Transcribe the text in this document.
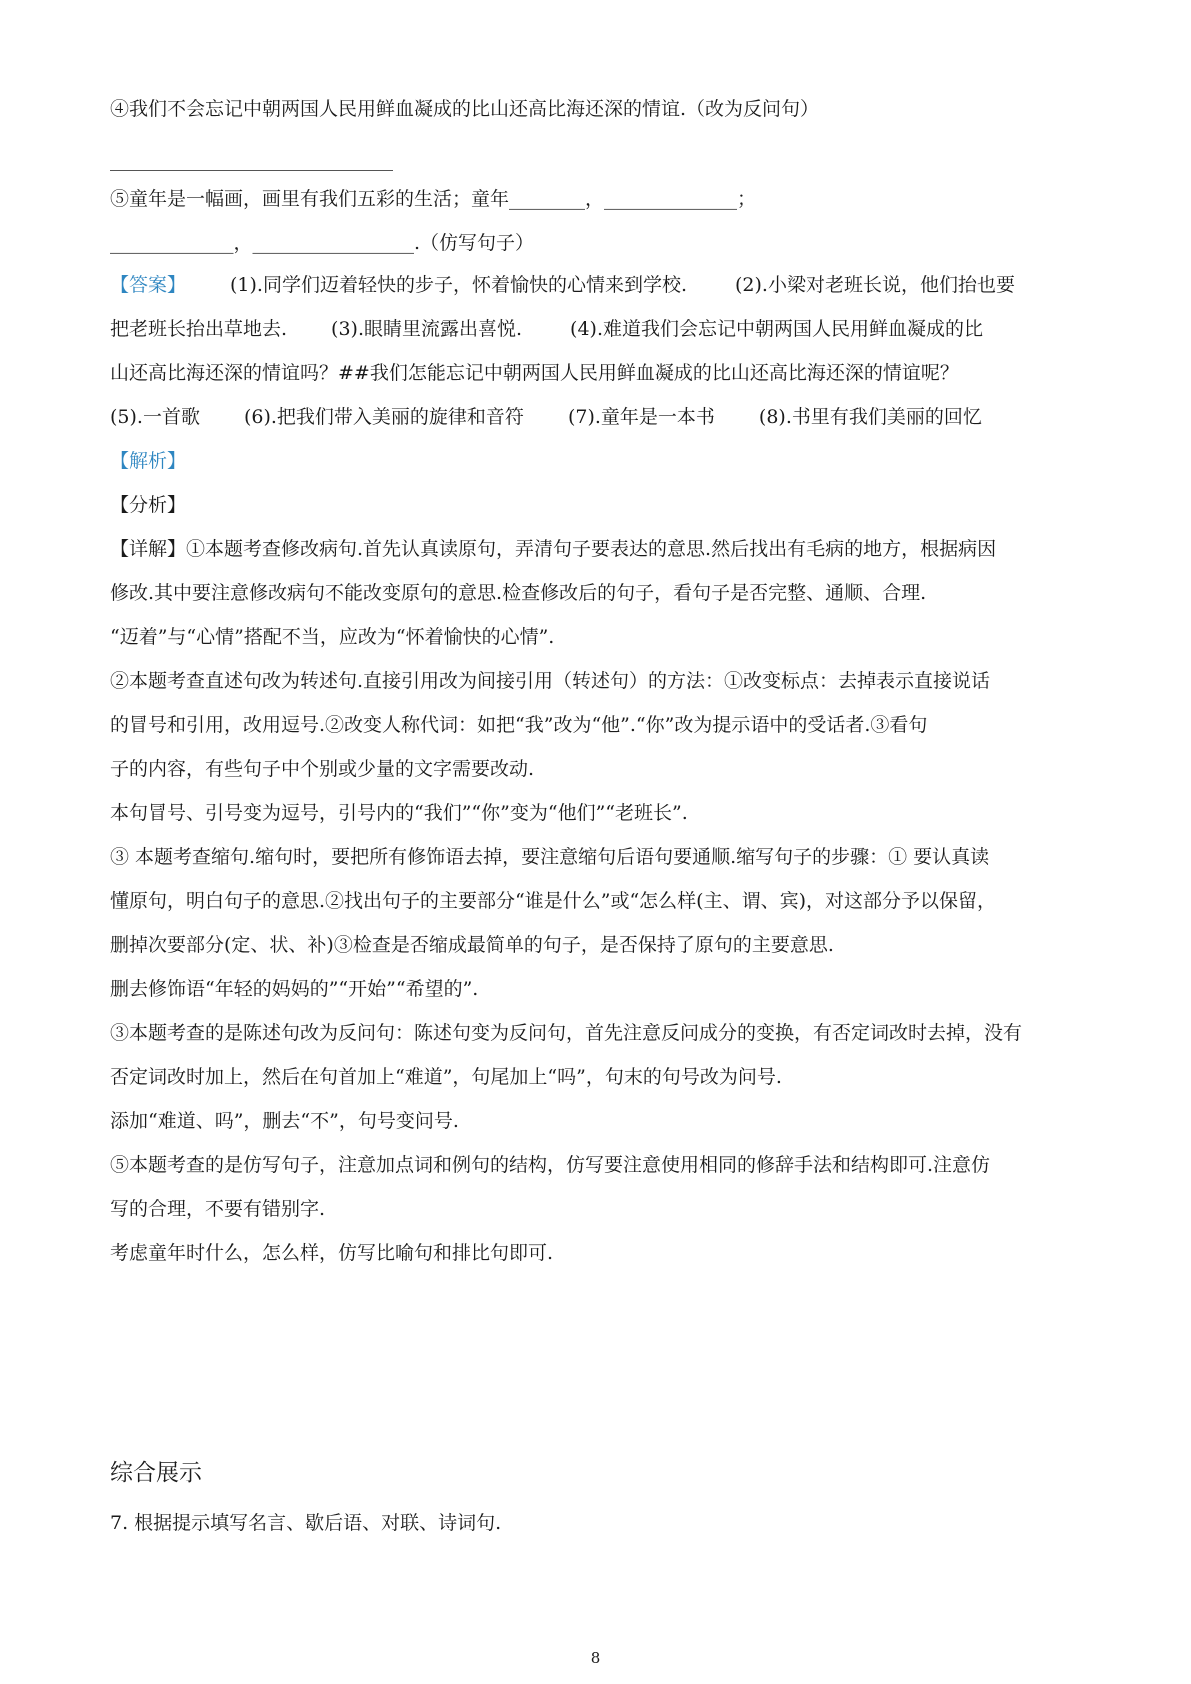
④我们不会忘记中朝两国人民用鲜血凝成的比山还高比海还深的情谊.（改为反问句）
⑤童年是一幅画，画里有我们五彩的生活；童年________，______________；
_____________，_________________.（仿写句子）
【答案】 (1).同学们迈着轻快的步子，怀着愉快的心情来到学校.	(2).小梁对老班长说，他们抬也要
把老班长抬出草地去. (3).眼睛里流露出喜悦.	(4).难道我们会忘记中朝两国人民用鲜血凝成的比
山还高比海还深的情谊吗？##我们怎能忘记中朝两国人民用鲜血凝成的比山还高比海还深的情谊呢？
(5).一首歌 (6).把我们带入美丽的旋律和音符 (7).童年是一本书 (8).书里有我们美丽的回忆
【解析】
【分析】
【详解】①本题考查修改病句.首先认真读原句，弄清句子要表达的意思.然后找出有毛病的地方，根据病因
修改.其中要注意修改病句不能改变原句的意思.检查修改后的句子，看句子是否完整、通顺、合理.
“迈着”与“心情”搭配不当，应改为“怀着愉快的心情”.
②本题考查直述句改为转述句.直接引用改为间接引用（转述句）的方法：①改变标点：去掉表示直接说话
的冒号和引用，改用逗号.②改变人称代词：如把“我”改为“他”.“你”改为提示语中的受话者.③看句
子的内容，有些句子中个别或少量的文字需要改动.
本句冒号、引号变为逗号，引号内的“我们”“你”变为“他们”“老班长”.
③ 本题考查缩句.缩句时，要把所有修饰语去掉，要注意缩句后语句要通顺.缩写句子的步骤：① 要认真读
懂原句，明白句子的意思.②找出句子的主要部分“谁是什么”或“怎么样(主、谓、宾)，对这部分予以保留，
删掉次要部分(定、状、补)③检查是否缩成最简单的句子，是否保持了原句的主要意思.
删去修饰语“年轻的妈妈的”“开始”“希望的”.
③本题考查的是陈述句改为反问句：陈述句变为反问句，首先注意反问成分的变换，有否定词改时去掉，没有
否定词改时加上，然后在句首加上“难道”，句尾加上“吗”，句末的句号改为问号.
添加“难道、吗”，删去“不”，句号变问号.
⑤本题考查的是仿写句子，注意加点词和例句的结构，仿写要注意使用相同的修辞手法和结构即可.注意仿
写的合理，不要有错别字.
考虑童年时什么，怎么样，仿写比喻句和排比句即可.
综合展示
7. 根据提示填写名言、歇后语、对联、诗词句.
8
